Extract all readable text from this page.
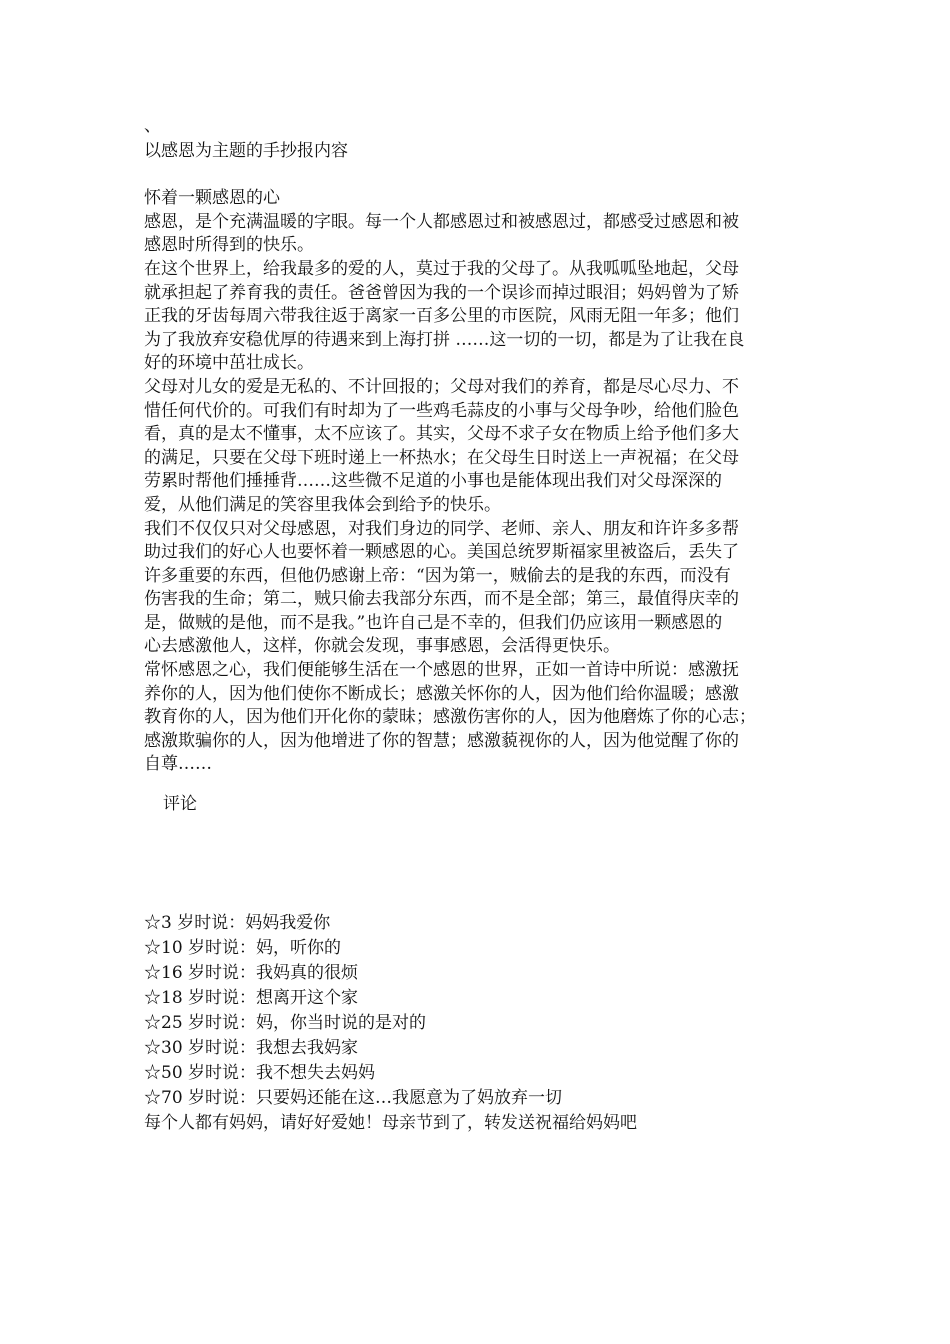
、

以感恩为主题的手抄报内容

怀着一颗感恩的心

感恩，是个充满温暖的字眼。每一个人都感恩过和被感恩过，都感受过感恩和被

感恩时所得到的快乐。

在这个世界上，给我最多的爱的人，莫过于我的父母了。从我呱呱坠地起，父母

就承担起了养育我的责任。爸爸曾因为我的一个误诊而掉过眼泪；妈妈曾为了矫

正我的牙齿每周六带我往返于离家一百多公里的市医院，风雨无阻一年多；他们

为了我放弃安稳优厚的待遇来到上海打拼 ……这一切的一切，都是为了让我在良

好的环境中茁壮成长。

父母对儿女的爱是无私的、不计回报的；父母对我们的养育，都是尽心尽力、不

惜任何代价的。可我们有时却为了一些鸡毛蒜皮的小事与父母争吵，给他们脸色

看，真的是太不懂事，太不应该了。其实，父母不求子女在物质上给予他们多大

的满足，只要在父母下班时递上一杯热水；在父母生日时送上一声祝福；在父母

劳累时帮他们捶捶背……这些微不足道的小事也是能体现出我们对父母深深的

爱，从他们满足的笑容里我体会到给予的快乐。

我们不仅仅只对父母感恩，对我们身边的同学、老师、亲人、朋友和许许多多帮

助过我们的好心人也要怀着一颗感恩的心。美国总统罗斯福家里被盗后，丢失了

许多重要的东西，但他仍感谢上帝：“因为第一，贼偷去的是我的东西，而没有

伤害我的生命；第二，贼只偷去我部分东西，而不是全部；第三，最值得庆幸的

是，做贼的是他，而不是我。”也许自己是不幸的，但我们仍应该用一颗感恩的

心去感激他人，这样，你就会发现，事事感恩，会活得更快乐。

常怀感恩之心，我们便能够生活在一个感恩的世界，正如一首诗中所说：感激抚

养你的人，因为他们使你不断成长；感激关怀你的人，因为他们给你温暖；感激

教育你的人，因为他们开化你的蒙昧；感激伤害你的人，因为他磨炼了你的心志；

感激欺骗你的人，因为他增进了你的智慧；感激藐视你的人，因为他觉醒了你的

自尊……

评论

☆3 岁时说：妈妈我爱你

☆10 岁时说：妈，听你的

☆16 岁时说：我妈真的很烦

☆18 岁时说：想离开这个家

☆25 岁时说：妈，你当时说的是对的

☆30 岁时说：我想去我妈家

☆50 岁时说：我不想失去妈妈

☆70 岁时说：只要妈还能在这…我愿意为了妈放弃一切

每个人都有妈妈，请好好爱她！母亲节到了，转发送祝福给妈妈吧
